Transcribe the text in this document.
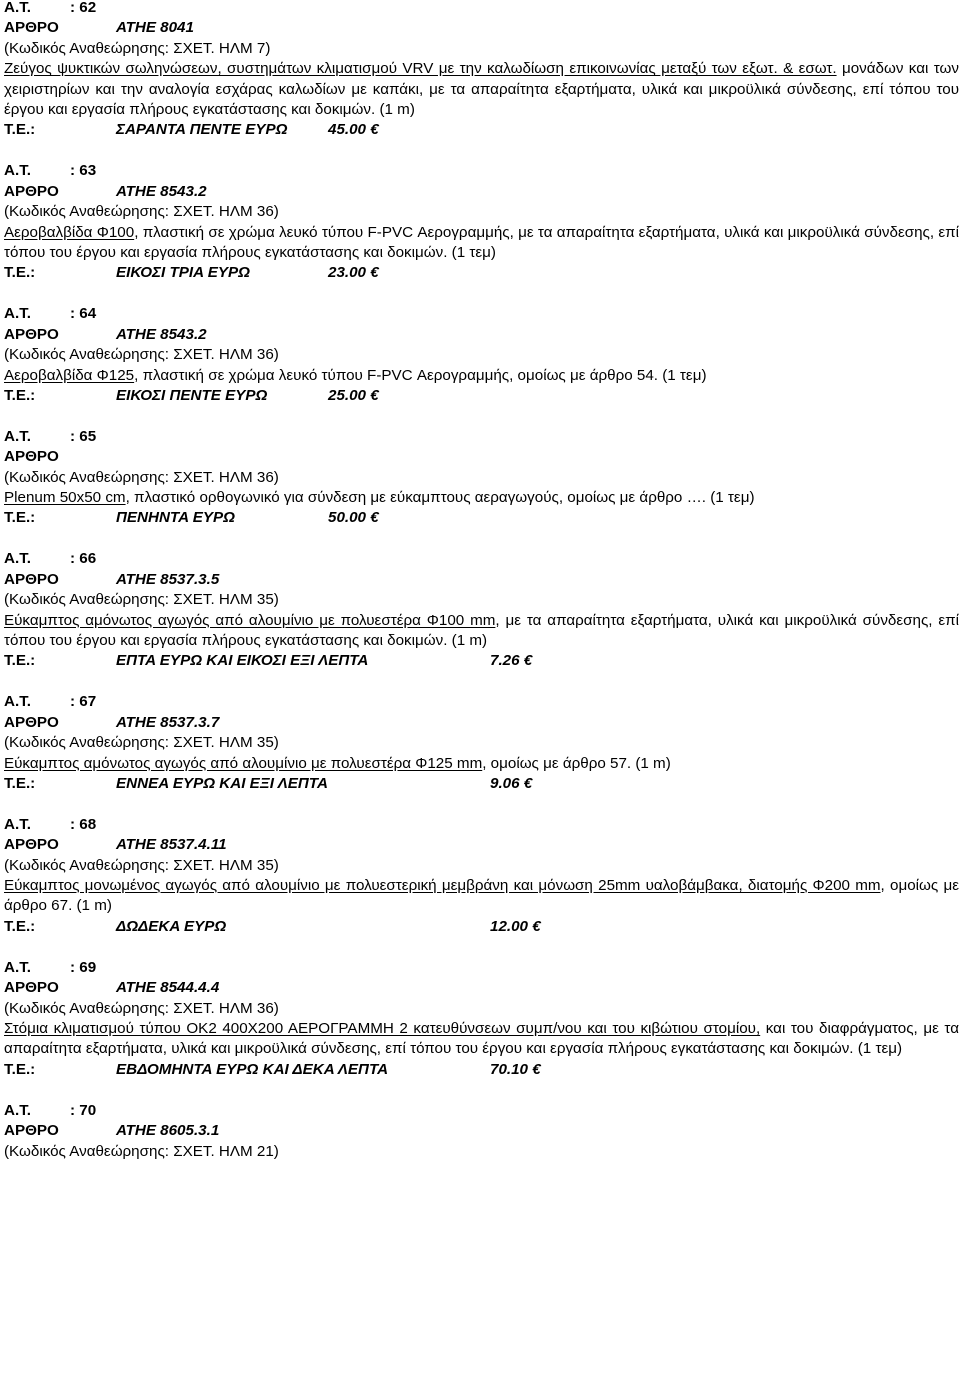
Α.Τ.	: 62
ΑΡΘΡΟ	ΑΤΗΕ 8041
(Κωδικός Αναθεώρησης: ΣΧΕΤ. ΗΛΜ 7)
Ζεύγος ψυκτικών σωληνώσεων, συστημάτων κλιματισμού VRV με την καλωδίωση επικοινωνίας μεταξύ των εξωτ. & εσωτ. μονάδων και των χειριστηρίων και την αναλογία εσχάρας καλωδίων με καπάκι, με τα απαραίτητα εξαρτήματα, υλικά και μικροϋλικά σύνδεσης, επί τόπου του έργου και εργασία πλήρους εγκατάστασης και δοκιμών. (1 m)
Τ.Ε.:	ΣΑΡΑΝΤΑ ΠΕΝΤΕ ΕΥΡΩ	45.00 €
Α.Τ.	: 63
ΑΡΘΡΟ	ΑΤΗΕ 8543.2
(Κωδικός Αναθεώρησης: ΣΧΕΤ. ΗΛΜ 36)
Αεροβαλβίδα Φ100, πλαστική σε χρώμα λευκό τύπου F-PVC Αερογραμμής, με τα απαραίτητα εξαρτήματα, υλικά και μικροϋλικά σύνδεσης, επί τόπου του έργου και εργασία πλήρους εγκατάστασης και δοκιμών. (1 τεμ)
Τ.Ε.:	ΕΙΚΟΣΙ ΤΡΙΑ ΕΥΡΩ	23.00 €
Α.Τ.	: 64
ΑΡΘΡΟ	ΑΤΗΕ 8543.2
(Κωδικός Αναθεώρησης: ΣΧΕΤ. ΗΛΜ 36)
Αεροβαλβίδα Φ125, πλαστική σε χρώμα λευκό τύπου F-PVC Αερογραμμής, ομοίως με άρθρο 54. (1 τεμ)
Τ.Ε.:	ΕΙΚΟΣΙ ΠΕΝΤΕ ΕΥΡΩ	25.00 €
Α.Τ.	: 65
ΑΡΘΡΟ
(Κωδικός Αναθεώρησης: ΣΧΕΤ. ΗΛΜ 36)
Plenum 50x50 cm, πλαστικό ορθογωνικό για σύνδεση με εύκαμπτους αεραγωγούς, ομοίως με άρθρο …. (1 τεμ)
Τ.Ε.:	ΠΕΝΗΝΤΑ ΕΥΡΩ	50.00 €
Α.Τ.	: 66
ΑΡΘΡΟ	ΑΤΗΕ 8537.3.5
(Κωδικός Αναθεώρησης: ΣΧΕΤ. ΗΛΜ 35)
Εύκαμπτος αμόνωτος αγωγός από αλουμίνιο με πολυεστέρα Φ100 mm, με τα απαραίτητα εξαρτήματα, υλικά και μικροϋλικά σύνδεσης, επί τόπου του έργου και εργασία πλήρους εγκατάστασης και δοκιμών. (1 m)
Τ.Ε.:	ΕΠΤΑ ΕΥΡΩ ΚΑΙ ΕΙΚΟΣΙ ΕΞΙ ΛΕΠΤΑ	7.26 €
Α.Τ.	: 67
ΑΡΘΡΟ	ΑΤΗΕ 8537.3.7
(Κωδικός Αναθεώρησης: ΣΧΕΤ. ΗΛΜ 35)
Εύκαμπτος αμόνωτος αγωγός από αλουμίνιο με πολυεστέρα Φ125 mm, ομοίως με άρθρο 57. (1 m)
Τ.Ε.:	ΕΝΝΕΑ ΕΥΡΩ ΚΑΙ ΕΞΙ ΛΕΠΤΑ	9.06 €
Α.Τ.	: 68
ΑΡΘΡΟ	ΑΤΗΕ 8537.4.11
(Κωδικός Αναθεώρησης: ΣΧΕΤ. ΗΛΜ 35)
Εύκαμπτος μονωμένος αγωγός από αλουμίνιο με πολυεστερική μεμβράνη και μόνωση 25mm υαλοβάμβακα, διατομής Φ200 mm, ομοίως με άρθρο 67. (1 m)
Τ.Ε.:	ΔΩΔΕΚΑ ΕΥΡΩ	12.00 €
Α.Τ.	: 69
ΑΡΘΡΟ	ΑΤΗΕ 8544.4.4
(Κωδικός Αναθεώρησης: ΣΧΕΤ. ΗΛΜ 36)
Στόμια κλιματισμού τύπου ΟΚ2 400Χ200 ΑΕΡΟΓΡΑΜΜΗ 2 κατευθύνσεων συμπ/νου και του κιβώτιου στομίου, και του διαφράγματος, με τα απαραίτητα εξαρτήματα, υλικά και μικροϋλικά σύνδεσης, επί τόπου του έργου και εργασία πλήρους εγκατάστασης και δοκιμών. (1 τεμ)
Τ.Ε.:	ΕΒΔΟΜΗΝΤΑ ΕΥΡΩ ΚΑΙ ΔΕΚΑ ΛΕΠΤΑ	70.10 €
Α.Τ.	: 70
ΑΡΘΡΟ	ΑΤΗΕ 8605.3.1
(Κωδικός Αναθεώρησης: ΣΧΕΤ. ΗΛΜ 21)
